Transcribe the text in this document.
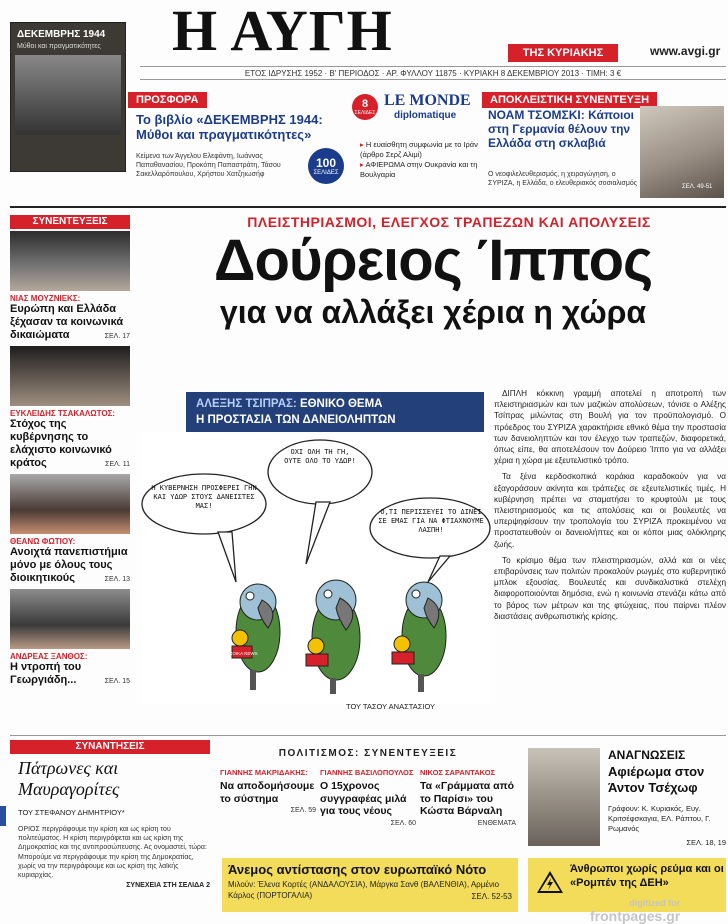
ΔΕΚΕΜΒΡΗΣ 1944
Μύθοι και πραγματικότητες Η ΑΥΓΗ	ΤΗΣ ΚΥΡΙΑΚΗΣ	www.avgi.gr
ΕΤΟΣ ΙΔΡΥΣΗΣ 1952 · Β' ΠΕΡΙΟΔΟΣ · ΑΡ. ΦΥΛΛΟΥ 11875 · ΚΥΡΙΑΚΗ 8 ΔΕΚΕΜΒΡΙΟΥ 2013 · ΤΙΜΗ: 3 €
ΠΡΟΣΦΟΡΑ
Το βιβλίο «ΔΕΚΕΜΒΡΗΣ 1944: Μύθοι και πραγματικότητες»
Κείμενα των Άγγελου Ελεφάντη, Ιωάννας Παπαθανασίου, Προκόπη Παπαστράτη, Τάσου Σακελλαρόπουλου, Χρήστου Χατζηιωσήφ
100
ΣΕΛΙΔΕΣ
8
ΣΕΛΙΔΕΣ
LE MONDE
diplomatique

▸ Η ευαίσθητη συμφωνία με το Ιράν (άρθρο Σερζ Αλιμί)

▸ ΑΦΙΕΡΩΜΑ στην Ουκρανία και τη Βουλγαρία

ΑΠΟΚΛΕΙΣΤΙΚΗ ΣΥΝΕΝΤΕΥΞΗ
ΝΟΑΜ ΤΣΟΜΣΚΙ: Κάποιοι στη Γερμανία θέλουν την Ελλάδα στη σκλαβιά
Ο νεοφιλελευθερισμός, η χειραγώγηση, ο ΣΥΡΙΖΑ, η Ελλάδα, ο ελευθεριακός σοσιαλισμός	ΣΕΛ. 49-51
ΣΥΝΕΝΤΕΥΞΕΙΣ
ΝΙΑΣ ΜΟΥΖΝΙΕΚΣ:
Ευρώπη και Ελλάδα ξέχασαν τα κοινωνικά δικαιώματα	ΣΕΛ. 17
ΕΥΚΛΕΙΔΗΣ ΤΣΑΚΑΛΩΤΟΣ:
Στόχος της κυβέρνησης το ελάχιστο κοινωνικό κράτος	ΣΕΛ. 11
ΘΕΑΝΩ ΦΩΤΙΟΥ:
Ανοιχτά πανεπιστήμια μόνο με όλους τους διοικητικούς	ΣΕΛ. 13
ΑΝΔΡΕΑΣ ΞΑΝΘΟΣ:
Η ντροπή του Γεωργιάδη...	ΣΕΛ. 15
ΠΛΕΙΣΤΗΡΙΑΣΜΟΙ, ΕΛΕΓΧΟΣ ΤΡΑΠΕΖΩΝ ΚΑΙ ΑΠΟΛΥΣΕΙΣ
Δούρειος Ίππος
για να αλλάξει χέρια η χώρα
ΑΛΕΞΗΣ ΤΣΙΠΡΑΣ: ΕΘΝΙΚΟ ΘΕΜΑ
Η ΠΡΟΣΤΑΣΙΑ ΤΩΝ ΔΑΝΕΙΟΛΗΠΤΩΝ
Η ΚΥΒΕΡΝΗΣΗ ΠΡΟΣΦΕΡΕΙ ΓΗΝ ΚΑΙ ΥΔΩΡ ΣΤΟΥΣ ΔΑΝΕΙΣΤΕΣ ΜΑΣ!
ΟΧΙ ΟΛΗ ΤΗ ΓΗ, ΟΥΤΕ ΟΛΟ ΤΟ ΥΔΩΡ!
Ο,ΤΙ ΠΕΡΙΣΣΕΥΕΙ ΤΟ ΔΙΝΕΙ ΣΕ ΕΜΑΣ ΓΙΑ ΝΑ ΦΤΙΑΧΝΟΥΜΕ ΛΑΣΠΗ!
TROIKA NEWS
ΤΟΥ ΤΑΣΟΥ ΑΝΑΣΤΑΣΙΟΥ

ΔΙΠΛΗ κόκκινη γραμμή αποτελεί η αποτροπή των πλειστηριασμών και των μαζικών απολύσεων, τόνισε ο Αλέξης Τσίπρας μιλώντας στη Βουλή για τον προϋπολογισμό. Ο πρόεδρος του ΣΥΡΙΖΑ χαρακτήρισε εθνικό θέμα την προστασία των δανειοληπτών και τον έλεγχο των τραπεζών, διαφορετικά, όπως είπε, θα αποτελέσουν τον Δούρειο Ίππο για να αλλάξει χέρια η χώρα με εξευτελιστικό τρόπο.

Τα ξένα κερδοσκοπικά κοράκια καραδοκούν για να εξαγοράσουν ακίνητα και τράπεζες σε εξευτελιστικές τιμές. Η κυβέρνηση πρέπει να σταματήσει το κρυφτούλι με τους πλειστηριασμούς και τις απολύσεις και οι βουλευτές να υπερψηφίσουν την τροπολογία του ΣΥΡΙΖΑ προκειμένου να προστατευθούν οι δανειολήπτες και οι κόποι μιας ολόκληρης ζωής.

Το κρίσιμο θέμα των πλειστηριασμών, αλλά και οι νέες επιβαρύνσεις των πολιτών προκαλούν ρωγμές στο κυβερνητικό μπλοκ εξουσίας. Βουλευτές και συνδικαλιστικά στελέχη διαφοροποιούνται δημόσια, ενώ η κοινωνία στενάζει κάτω από το βάρος των μέτρων και της φτώχειας, που παίρνει πλέον διαστάσεις ανθρωπιστικής κρίσης.

ΣΥΝΑΝΤΗΣΕΙΣ
Πάτρωνες και Μαυραγορίτες
ΤΟΥ ΣΤΕΦΑΝΟΥ ΔΗΜΗΤΡΙΟΥ*
ΟΡΙΟΣ περιγράφουμε την κρίση και ως κρίση του πολιτεύματος. Η κρίση περιγράφεται και ως κρίση της Δημοκρατίας και της αντιπροσώπευσης. Ας ονομαστεί, τώρα: Μπορούμε να περιγράφουμε την κρίση της Δημοκρατίας, χωρίς να την περιγράφουμε και ως κρίση της λαϊκής κυριαρχίας.
ΣΥΝΕΧΕΙΑ ΣΤΗ ΣΕΛΙΔΑ 2
ΠΟΛΙΤΙΣΜΟΣ: ΣΥΝΕΝΤΕΥΞΕΙΣ
ΓΙΑΝΝΗΣ ΜΑΚΡΙΔΑΚΗΣ:
Να αποδομήσουμε το σύστημα
ΣΕΛ. 59
ΓΙΑΝΝΗΣ ΒΑΣΙΛΟΠΟΥΛΟΣ
Ο 15χρονος συγγραφέας μιλά για τους νέους
ΣΕΛ. 60
ΝΙΚΟΣ ΣΑΡΑΝΤΑΚΟΣ
Τα «Γράμματα από το Παρίσι» του Κώστα Βάρναλη
ΕΝΘΕΜΑΤΑ
ΑΝΑΓΝΩΣΕΙΣ
Αφιέρωμα στον Άντον Τσέχωφ
Γράφουν: Κ. Κυριακός, Ευγ. Κριτσέφσκαγια, ΕΛ. Ράπτου, Γ. Ρωμανός
ΣΕΛ. 18, 19
Άνεμος αντίστασης στον ευρωπαϊκό Νότο
Μιλούν: Έλενα Κορτές (ΑΝΔΑΛΟΥΣΙΑ), Μάργκα Σανθ (ΒΑΛΕΝΘΙΑ), Αρμένιο Κάρλος (ΠΟΡΤΟΓΑΛΙΑ)	ΣΕΛ. 52-53
Άνθρωποι χωρίς ρεύμα και οι «Ρομπέν της ΔΕΗ»
digitized for
frontpages.gr
